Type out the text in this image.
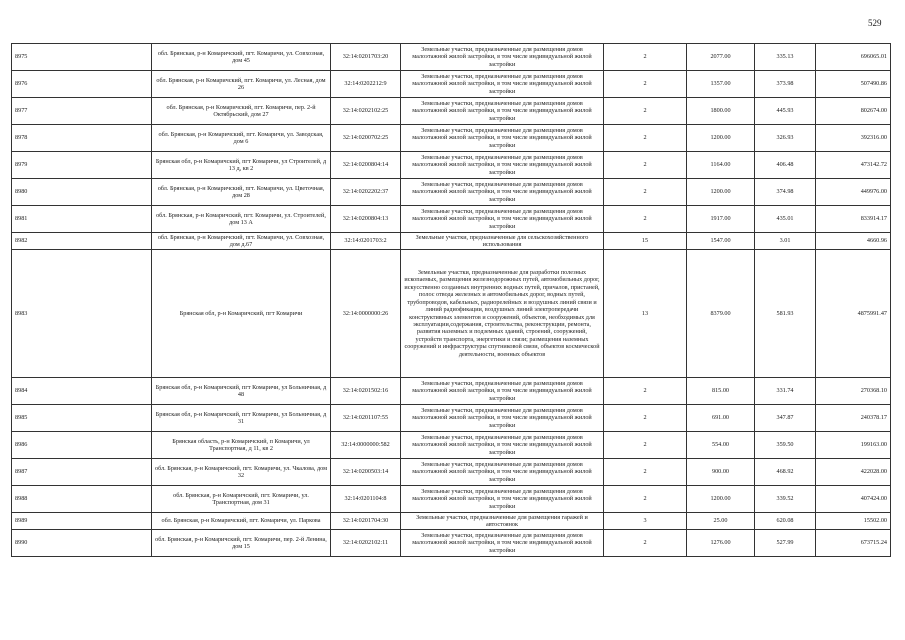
529
8975	обл. Брянская, р-н Комаричский, пгт. Комаричи, ул. Совхозная, дом 45	32:14:0201703:20	Земельные участки, предназначенные для размещения домов малоэтажной жилой застройки, в том числе индивидуальной жилой застройки	2	2077.00	335.13	696065.01
8976	обл. Брянская, р-н Комаричский, пгт. Комаричи, ул. Лесная, дом 26	32:14:0202212:9	Земельные участки, предназначенные для размещения домов малоэтажной жилой застройки, в том числе индивидуальной жилой застройки	2	1357.00	373.98	507490.86
8977	обл. Брянская, р-н Комаричский, пгт. Комаричи, пер. 2-й Октябрьский, дом 27	32:14:0202102:25	Земельные участки, предназначенные для размещения домов малоэтажной жилой застройки, в том числе индивидуальной жилой застройки	2	1800.00	445.93	802674.00
8978	обл. Брянская, р-н Комаричский, пгт. Комаричи, ул. Заводская, дом 6	32:14:0200702:25	Земельные участки, предназначенные для размещения домов малоэтажной жилой застройки, в том числе индивидуальной жилой застройки	2	1200.00	326.93	392316.00
8979	Брянская обл, р-н Комаричский, пгт Комаричи, ул Строителей, д 13 д, кв 2	32:14:0200804:14	Земельные участки, предназначенные для размещения домов малоэтажной жилой застройки, в том числе индивидуальной жилой застройки	2	1164.00	406.48	473142.72
8980	обл. Брянская, р-н Комаричский, пгт. Комаричи, ул. Цветочная, дом 28	32:14:0202202:37	Земельные участки, предназначенные для размещения домов малоэтажной жилой застройки, в том числе индивидуальной жилой застройки	2	1200.00	374.98	449976.00
8981	обл. Брянская, р-н Комаричский, пгт. Комаричи, ул. Строителей, дом 13 А	32:14:0200804:13	Земельные участки, предназначенные для размещения домов малоэтажной жилой застройки, в том числе индивидуальной жилой застройки	2	1917.00	435.01	833914.17
8982	обл. Брянская, р-н Комаричский, пгт. Комаричи, ул. Совхозная, дом д.67	32:14:0201703:2	Земельные участки, предназначенные для сельскохозяйственного использования	15	1547.00	3.01	4660.96
8983	Брянская обл, р-н Комаричский, пгт Комаричи	32:14:0000000:26	Земельные участки, предназначенные для разработки полезных ископаемых, размещения железнодорожных путей, автомобильных дорог, искусственно созданных внутренних водных путей, причалов, пристаней, полос отвода железных и автомобильных дорог, водных путей, трубопроводов, кабельных, радиорелейных и воздушных линий связи и линий радиофикации, воздушных линий электропередачи конструктивных элементов и сооружений, объектов, необходимых для эксплуатации,содержания, строительства, реконструкции, ремонта, развития наземных и подземных зданий, строений, сооружений, устройств транспорта, энергетики и связи; размещения наземных сооружений и инфраструктуры спутниковой связи, объектов космической деятельности, военных объектов	13	8379.00	581.93	4875991.47
8984	Брянская обл, р-н Комаричский, пгт Комаричи, ул Больничная, д 48	32:14:0201502:16	Земельные участки, предназначенные для размещения домов малоэтажной жилой застройки, в том числе индивидуальной жилой застройки	2	815.00	331.74	270368.10
8985	Брянская обл, р-н Комаричский, пгт Комаричи, ул Больничная, д 31	32:14:0201107:55	Земельные участки, предназначенные для размещения домов малоэтажной жилой застройки, в том числе индивидуальной жилой застройки	2	691.00	347.87	240378.17
8986	Брянская область, р-н Комаричский, п Комаричи, ул Транспортная, д 11, кв 2	32:14:0000000:582	Земельные участки, предназначенные для размещения домов малоэтажной жилой застройки, в том числе индивидуальной жилой застройки	2	554.00	359.50	199163.00
8987	обл. Брянская, р-н Комаричский, пгт. Комаричи, ул. Чкалова, дом 32	32:14:0200503:14	Земельные участки, предназначенные для размещения домов малоэтажной жилой застройки, в том числе индивидуальной жилой застройки	2	900.00	468.92	422028.00
8988	обл. Брянская, р-н Комаричский, пгт. Комаричи, ул. Транспортная, дом 31	32:14:0201104:8	Земельные участки, предназначенные для размещения домов малоэтажной жилой застройки, в том числе индивидуальной жилой застройки	2	1200.00	339.52	407424.00
8989	обл. Брянская, р-н Комаричский, пгт. Комаричи, ул. Паркова	32:14:0201704:30	Земельные участки, предназначенные для размещения гаражей и автостоянок	3	25.00	620.08	15502.00
8990	обл. Брянская, р-н Комаричский, пгт. Комаричи, пер. 2-й Ленина, дом 15	32:14:0202102:11	Земельные участки, предназначенные для размещения домов малоэтажной жилой застройки, в том числе индивидуальной жилой застройки	2	1276.00	527.99	673715.24
